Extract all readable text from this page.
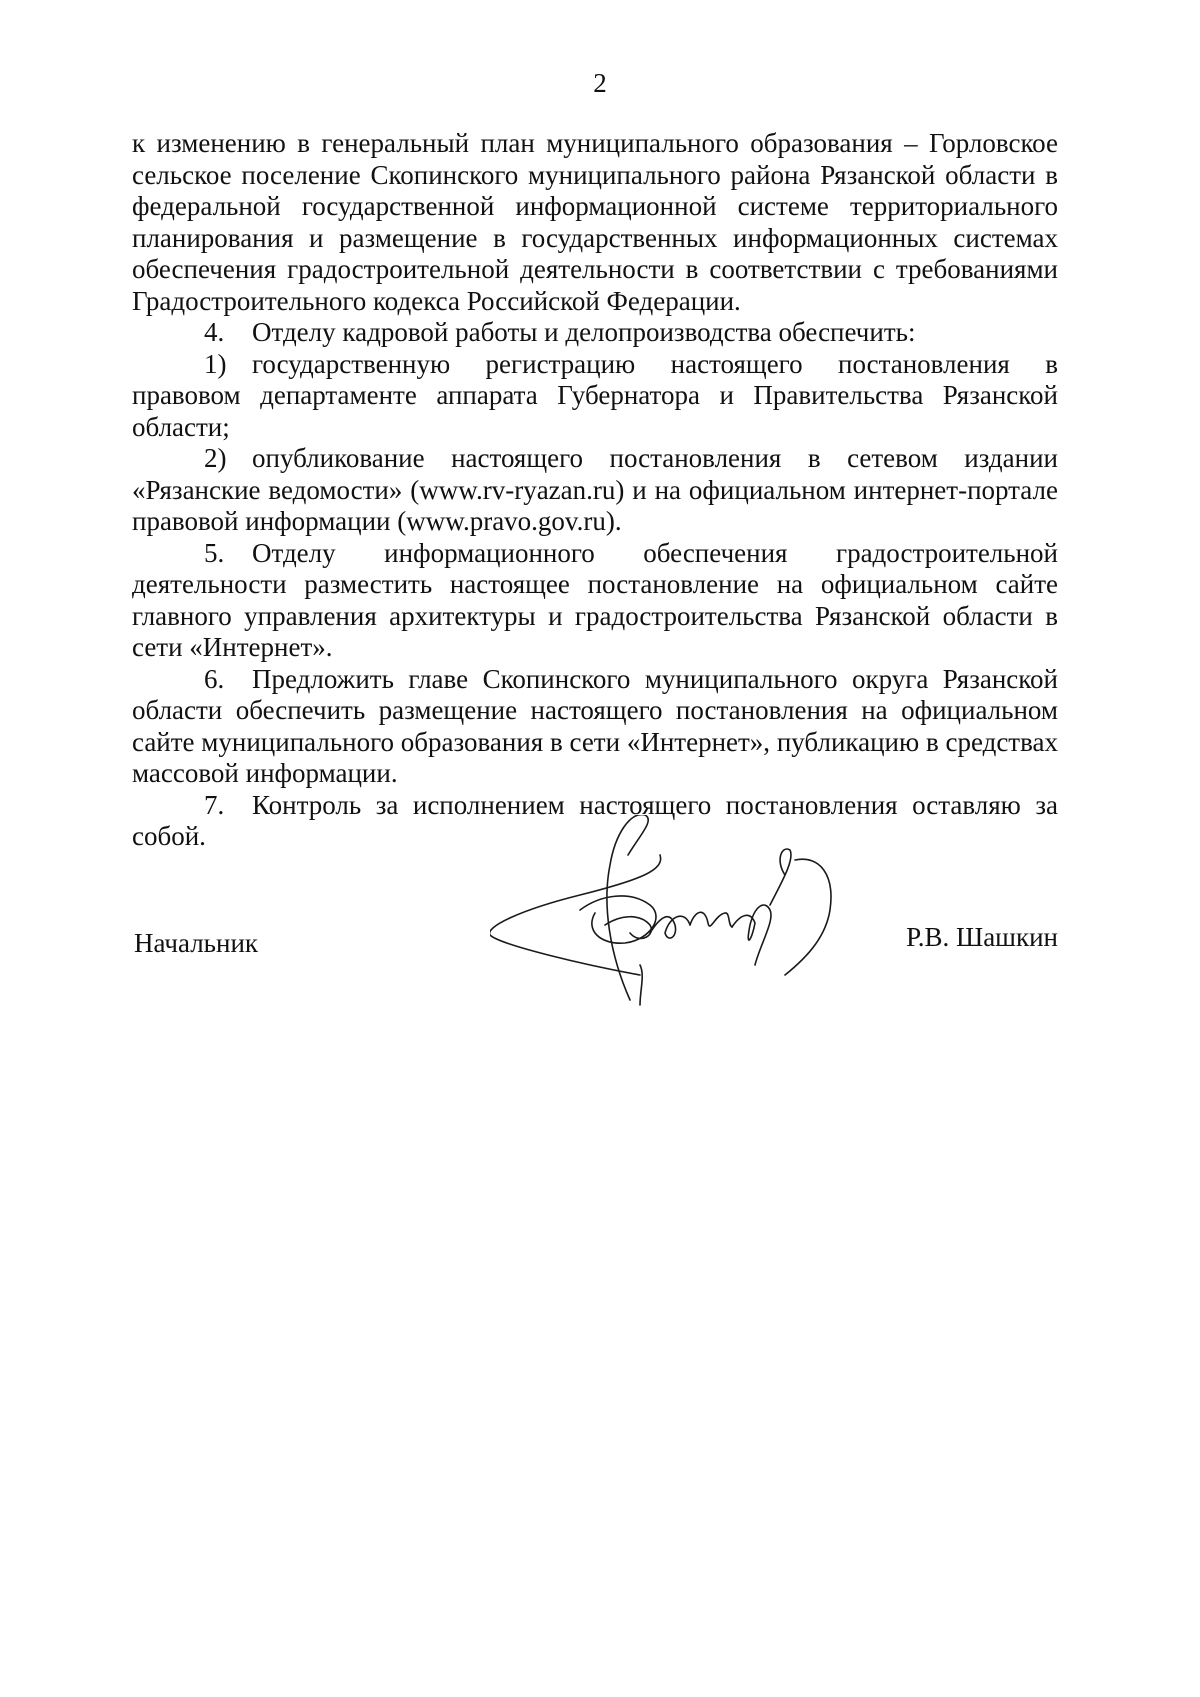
2

к изменению в генеральный план муниципального образования – Горловское сельское поселение Скопинского муниципального района Рязанской области в федеральной государственной информационной системе территориального планирования и размещение в государственных информационных системах обеспечения градостроительной деятельности в соответствии с требованиями Градостроительного кодекса Российской Федерации.

4. Отделу кадровой работы и делопроизводства обеспечить:

1) государственную регистрацию настоящего постановления в правовом департаменте аппарата Губернатора и Правительства Рязанской области;

2) опубликование настоящего постановления в сетевом издании «Рязанские ведомости» (www.rv-ryazan.ru) и на официальном интернет-портале правовой информации (www.pravo.gov.ru).

5. Отделу информационного обеспечения градостроительной деятельности разместить настоящее постановление на официальном сайте главного управления архитектуры и градостроительства Рязанской области в сети «Интернет».

6. Предложить главе Скопинского муниципального округа Рязанской области обеспечить размещение настоящего постановления на официальном сайте муниципального образования в сети «Интернет», публикацию в средствах массовой информации.

7. Контроль за исполнением настоящего постановления оставляю за собой.

Начальник	Р.В. Шашкин
